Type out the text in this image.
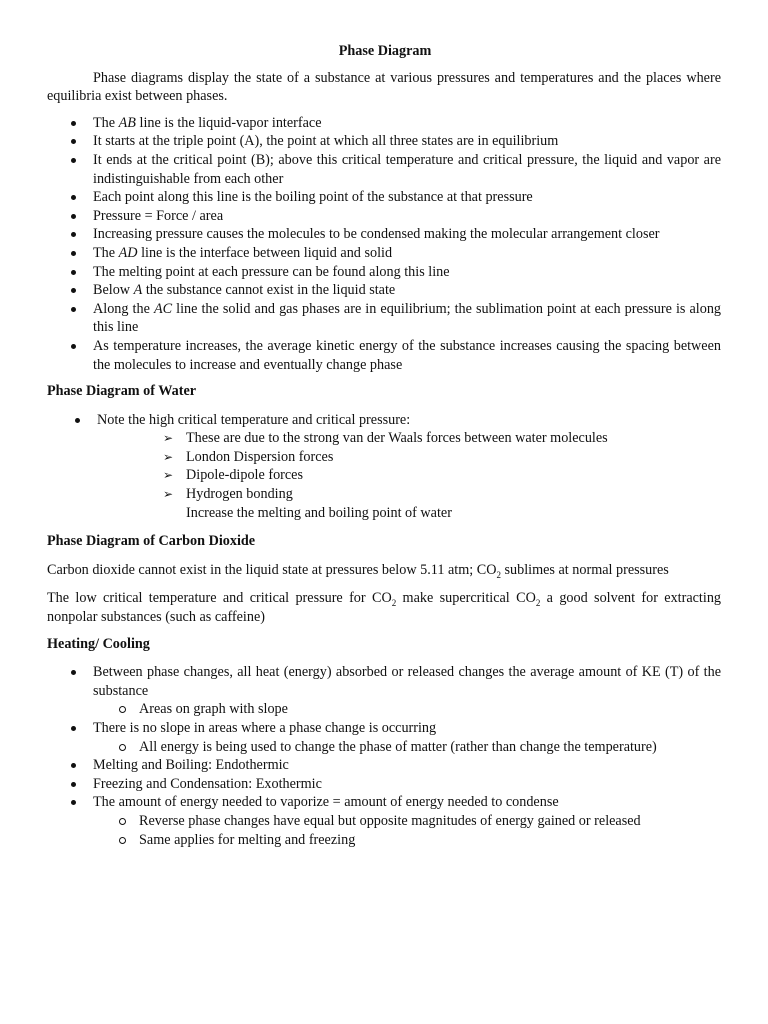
Phase Diagram

Phase diagrams display the state of a substance at various pressures and temperatures and the places where equilibria exist between phases.

The AB line is the liquid-vapor interface
It starts at the triple point (A), the point at which all three states are in equilibrium
It ends at the critical point (B); above this critical temperature and critical pressure, the liquid and vapor are indistinguishable from each other
Each point along this line is the boiling point of the substance at that pressure
Pressure = Force / area
Increasing pressure causes the molecules to be condensed making the molecular arrangement closer
The AD line is the interface between liquid and solid
The melting point at each pressure can be found along this line
Below A the substance cannot exist in the liquid state
Along the AC line the solid and gas phases are in equilibrium; the sublimation point at each pressure is along this line
As temperature increases, the average kinetic energy of the substance increases causing the spacing between the molecules to increase and eventually change phase
Phase Diagram of Water
Note the high critical temperature and critical pressure:
➢ These are due to the strong van der Waals forces between water molecules
➢ London Dispersion forces
➢ Dipole-dipole forces
➢ Hydrogen bonding
Increase the melting and boiling point of water
Phase Diagram of Carbon Dioxide

Carbon dioxide cannot exist in the liquid state at pressures below 5.11 atm; $CO_2$ sublimes at normal pressures

The low critical temperature and critical pressure for $CO_2$ make supercritical $CO_2$ a good solvent for extracting nonpolar substances (such as caffeine)

Heating/ Cooling
Between phase changes, all heat (energy) absorbed or released changes the average amount of KE (T) of the substance
Areas on graph with slope
There is no slope in areas where a phase change is occurring
All energy is being used to change the phase of matter (rather than change the temperature)
Melting and Boiling: Endothermic
Freezing and Condensation: Exothermic
The amount of energy needed to vaporize = amount of energy needed to condense
Reverse phase changes have equal but opposite magnitudes of energy gained or released
Same applies for melting and freezing
